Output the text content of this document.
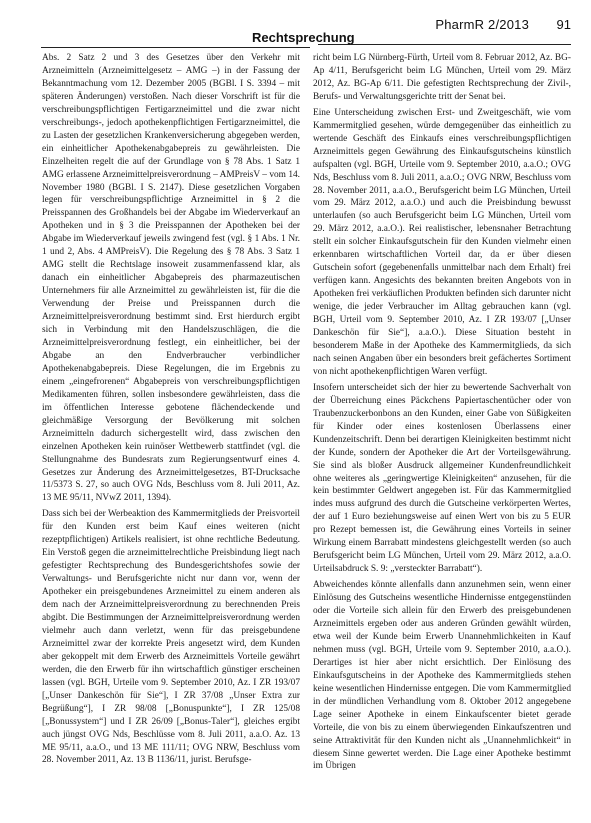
Rechtsprechung
PharmR 2/2013 91

Abs. 2 Satz 2 und 3 des Gesetzes über den Verkehr mit Arzneimitteln (Arzneimittelgesetz – AMG –) in der Fassung der Bekanntmachung vom 12. Dezember 2005 (BGBl. I S. 3394 – mit späteren Änderungen) verstoßen. Nach dieser Vorschrift ist für die verschreibungspflichtigen Fertigarzneimittel und die zwar nicht verschreibungs-, jedoch apothekenpflichtigen Fertigarzneimittel, die zu Lasten der gesetzlichen Krankenversicherung abgegeben werden, ein einheitlicher Apothekenabgabepreis zu gewährleisten. Die Einzelheiten regelt die auf der Grundlage von § 78 Abs. 1 Satz 1 AMG erlassene Arzneimittelpreisverordnung – AMPreisV – vom 14. November 1980 (BGBl. I S. 2147). Diese gesetzlichen Vorgaben legen für verschreibungspflichtige Arzneimittel in § 2 die Preisspannen des Großhandels bei der Abgabe im Wiederverkauf an Apotheken und in § 3 die Preisspannen der Apotheken bei der Abgabe im Wiederverkauf jeweils zwingend fest (vgl. § 1 Abs. 1 Nr. 1 und 2, Abs. 4 AMPreisV). Die Regelung des § 78 Abs. 3 Satz 1 AMG stellt die Rechtslage insoweit zusammenfassend klar, als danach ein einheitlicher Abgabepreis des pharmazeutischen Unternehmers für alle Arzneimittel zu gewährleisten ist, für die die Verwendung der Preise und Preisspannen durch die Arzneimittelpreisverordnung bestimmt sind. Erst hierdurch ergibt sich in Verbindung mit den Handelszuschlägen, die die Arzneimittelpreisverordnung festlegt, ein einheitlicher, bei der Abgabe an den Endverbraucher verbindlicher Apothekenabgabepreis. Diese Regelungen, die im Ergebnis zu einem „eingefrorenen“ Abgabepreis von verschreibungspflichtigen Medikamenten führen, sollen insbesondere gewährleisten, dass die im öffentlichen Interesse gebotene flächendeckende und gleichmäßige Versorgung der Bevölkerung mit solchen Arzneimitteln dadurch sichergestellt wird, dass zwischen den einzelnen Apotheken kein ruinöser Wettbewerb stattfindet (vgl. die Stellungnahme des Bundesrats zum Regierungsentwurf eines 4. Gesetzes zur Änderung des Arzneimittelgesetzes, BT-Drucksache 11/5373 S. 27, so auch OVG Nds, Beschluss vom 8. Juli 2011, Az. 13 ME 95/11, NVwZ 2011, 1394).

Dass sich bei der Werbeaktion des Kammermitglieds der Preisvorteil für den Kunden erst beim Kauf eines weiteren (nicht rezeptpflichtigen) Artikels realisiert, ist ohne rechtliche Bedeutung. Ein Verstoß gegen die arzneimittelrechtliche Preisbindung liegt nach gefestigter Rechtsprechung des Bundesgerichtshofes sowie der Verwaltungs- und Berufsgerichte nicht nur dann vor, wenn der Apotheker ein preisgebundenes Arzneimittel zu einem anderen als dem nach der Arzneimittelpreisverordnung zu berechnenden Preis abgibt. Die Bestimmungen der Arzneimittelpreisverordnung werden vielmehr auch dann verletzt, wenn für das preisgebundene Arzneimittel zwar der korrekte Preis angesetzt wird, dem Kunden aber gekoppelt mit dem Erwerb des Arzneimittels Vorteile gewährt werden, die den Erwerb für ihn wirtschaftlich günstiger erscheinen lassen (vgl. BGH, Urteile vom 9. September 2010, Az. I ZR 193/07 [„Unser Dankeschön für Sie“], I ZR 37/08 „Unser Extra zur Begrüßung“], I ZR 98/08 [„Bonuspunkte“], I ZR 125/08 [„Bonussystem“] und I ZR 26/09 [„Bonus-Taler“], gleiches ergibt auch jüngst OVG Nds, Beschlüsse vom 8. Juli 2011, a.a.O. Az. 13 ME 95/11, a.a.O., und 13 ME 111/11; OVG NRW, Beschluss vom 28. November 2011, Az. 13 B 1136/11, jurist. Berufsge-

richt beim LG Nürnberg-Fürth, Urteil vom 8. Februar 2012, Az. BG-Ap 4/11, Berufsgericht beim LG München, Urteil vom 29. März 2012, Az. BG-Ap 6/11. Die gefestigten Rechtsprechung der Zivil-, Berufs- und Verwaltungsgerichte tritt der Senat bei.

Eine Unterscheidung zwischen Erst- und Zweitgeschäft, wie vom Kammermitglied gesehen, würde demgegenüber das einheitlich zu wertende Geschäft des Einkaufs eines verschreibungspflichtigen Arzneimittels gegen Gewährung des Einkaufsgutscheins künstlich aufspalten (vgl. BGH, Urteile vom 9. September 2010, a.a.O.; OVG Nds, Beschluss vom 8. Juli 2011, a.a.O.; OVG NRW, Beschluss vom 28. November 2011, a.a.O., Berufsgericht beim LG München, Urteil vom 29. März 2012, a.a.O.) und auch die Preisbindung bewusst unterlaufen (so auch Berufsgericht beim LG München, Urteil vom 29. März 2012, a.a.O.). Rei realistischer, lebensnaher Betrachtung stellt ein solcher Einkaufsgutschein für den Kunden vielmehr einen erkennbaren wirtschaftlichen Vorteil dar, da er über diesen Gutschein sofort (gegebenenfalls unmittelbar nach dem Erhalt) frei verfügen kann. Angesichts des bekannten breiten Angebots von in Apotheken frei verkäuflichen Produkten befinden sich darunter nicht wenige, die jeder Verbraucher im Alltag gebrauchen kann (vgl. BGH, Urteil vom 9. September 2010, Az. I ZR 193/07 [„Unser Dankeschön für Sie“], a.a.O.). Diese Situation besteht in besonderem Maße in der Apotheke des Kammermitglieds, da sich nach seinen Angaben über ein besonders breit gefächertes Sortiment von nicht apothekenpflichtigen Waren verfügt.

Insofern unterscheidet sich der hier zu bewertende Sachverhalt von der Überreichung eines Päckchens Papiertaschentücher oder von Traubenzuckerbonbons an den Kunden, einer Gabe von Süßigkeiten für Kinder oder eines kostenlosen Überlassens einer Kundenzeitschrift. Denn bei derartigen Kleinigkeiten bestimmt nicht der Kunde, sondern der Apotheker die Art der Vorteilsgewährung. Sie sind als bloßer Ausdruck allgemeiner Kundenfreundlichkeit ohne weiteres als „geringwertige Kleinigkeiten“ anzusehen, für die kein bestimmter Geldwert angegeben ist. Für das Kammermitglied indes muss aufgrund des durch die Gutscheine verkörperten Wertes, der auf 1 Euro beziehungsweise auf einen Wert von bis zu 5 EUR pro Rezept bemessen ist, die Gewährung eines Vorteils in seiner Wirkung einem Barrabatt mindestens gleichgestellt werden (so auch Berufsgericht beim LG München, Urteil vom 29. März 2012, a.a.O. Urteilsabdruck S. 9: „versteckter Barrabatt“).

Abweichendes könnte allenfalls dann anzunehmen sein, wenn einer Einlösung des Gutscheins wesentliche Hindernisse entgegenstünden oder die Vorteile sich allein für den Erwerb des preisgebundenen Arzneimittels ergeben oder aus anderen Gründen gewählt würden, etwa weil der Kunde beim Erwerb Unannehmlichkeiten in Kauf nehmen muss (vgl. BGH, Urteile vom 9. September 2010, a.a.O.). Derartiges ist hier aber nicht ersichtlich. Der Einlösung des Einkaufsgutscheins in der Apotheke des Kammermitglieds stehen keine wesentlichen Hindernisse entgegen. Die vom Kammermitglied in der mündlichen Verhandlung vom 8. Oktober 2012 angegebene Lage seiner Apotheke in einem Einkaufscenter bietet gerade Vorteile, die von bis zu einem überwiegenden Einkaufszentren und seine Attraktivität für den Kunden nicht als „Unannehmlichkeit“ in diesem Sinne gewertet werden. Die Lage einer Apotheke bestimmt im Übrigen
